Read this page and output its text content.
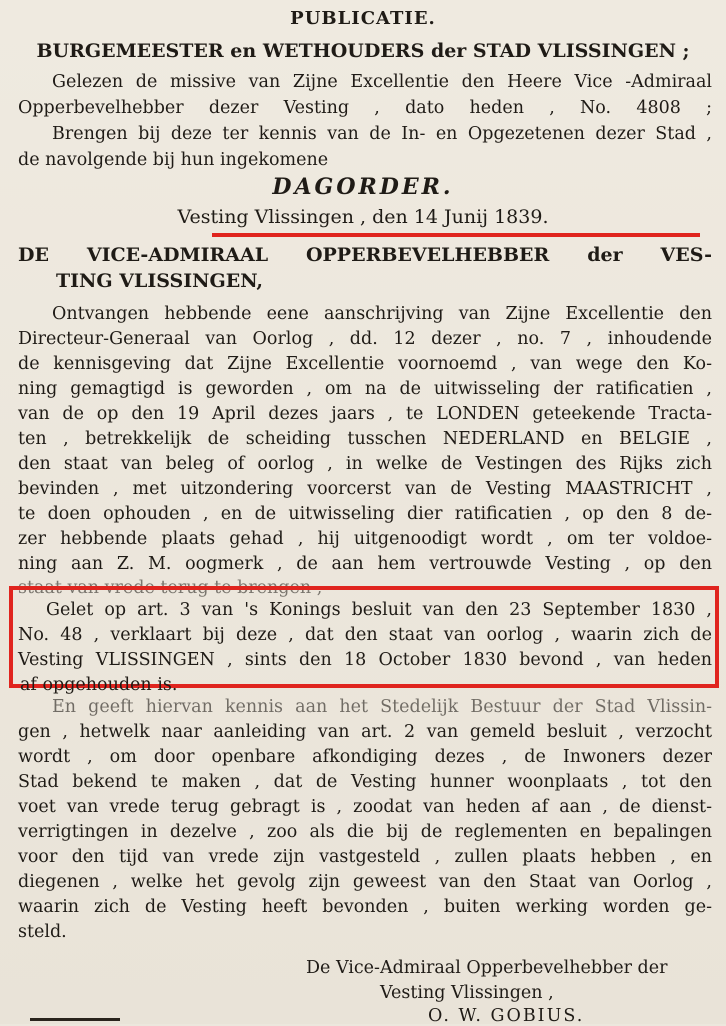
PUBLICATIE.
BURGEMEESTER en WETHOUDERS der STAD VLISSINGEN ;
Gelezen de missive van Zijne Excellentie den Heere Vice -Admiraal
Opperbevelhebber dezer Vesting , dato heden , No. 4808 ;
Brengen bij deze ter kennis van de In- en Opgezetenen dezer Stad ,
de navolgende bij hun ingekomene
DAGORDER.
Vesting Vlissingen , den 14 Junij 1839.
DE VICE-ADMIRAAL OPPERBEVELHEBBER der VES-
TING VLISSINGEN,
Ontvangen hebbende eene aanschrijving van Zijne Excellentie den
Directeur-Generaal van Oorlog , dd. 12 dezer , no. 7 , inhoudende
de kennisgeving dat Zijne Excellentie voornoemd , van wege den Ko-
ning gemagtigd is geworden , om na de uitwisseling der ratificatien ,
van de op den 19 April dezes jaars , te LONDEN geteekende Tracta-
ten , betrekkelijk de scheiding tusschen NEDERLAND en BELGIE ,
den staat van beleg of oorlog , in welke de Vestingen des Rijks zich
bevinden , met uitzondering voorcerst van de Vesting MAASTRICHT ,
te doen ophouden , en de uitwisseling dier ratificatien , op den 8 de-
zer hebbende plaats gehad , hij uitgenoodigt wordt , om ter voldoe-
ning aan Z. M. oogmerk , de aan hem vertrouwde Vesting , op den
staat van vrede terug te brengen ,
Gelet op art. 3 van 's Konings besluit van den 23 September 1830 ,
No. 48 , verklaart bij deze , dat den staat van oorlog , waarin zich de
Vesting VLISSINGEN , sints den 18 October 1830 bevond , van heden
af opgehouden is.
En geeft hiervan kennis aan het Stedelijk Bestuur der Stad Vlissin-
gen , hetwelk naar aanleiding van art. 2 van gemeld besluit , verzocht
wordt , om door openbare afkondiging dezes , de Inwoners dezer
Stad bekend te maken , dat de Vesting hunner woonplaats , tot den
voet van vrede terug gebragt is , zoodat van heden af aan , de dienst-
verrigtingen in dezelve , zoo als die bij de reglementen en bepalingen
voor den tijd van vrede zijn vastgesteld , zullen plaats hebben , en
diegenen , welke het gevolg zijn geweest van den Staat van Oorlog ,
waarin zich de Vesting heeft bevonden , buiten werking worden ge-
steld.
De Vice-Admiraal Opperbevelhebber der
Vesting Vlissingen ,
O. W. GOBIUS.
